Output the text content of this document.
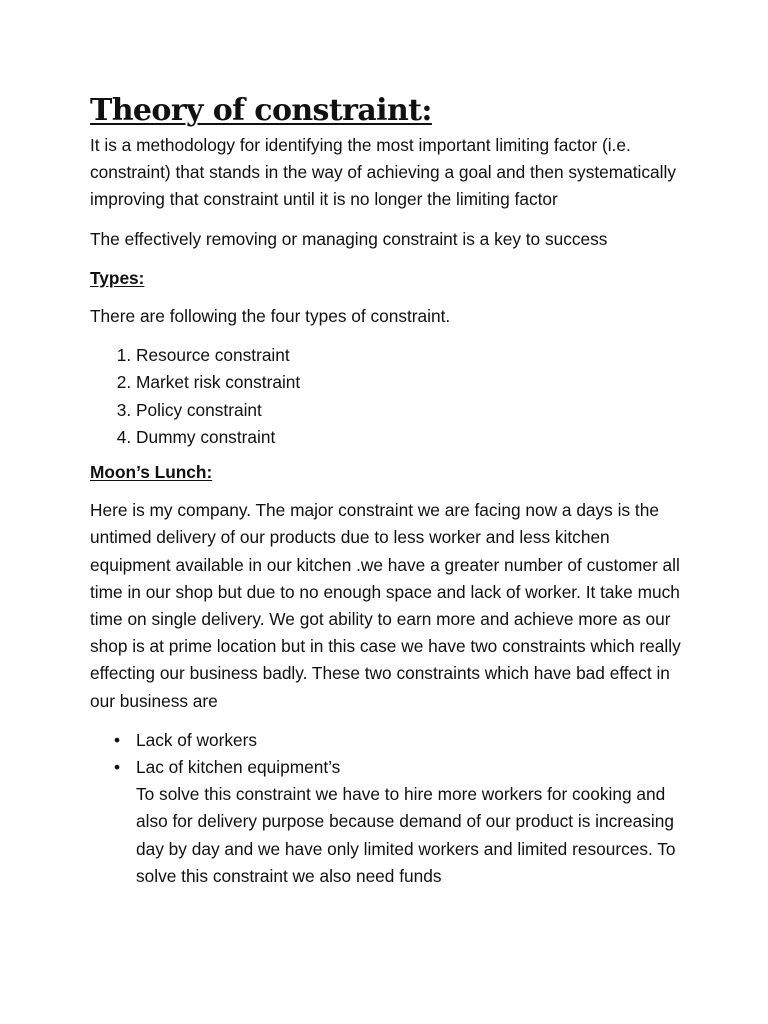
Theory of constraint:

It is a methodology for identifying the most important limiting factor (i.e. constraint) that stands in the way of achieving a goal and then systematically improving that constraint until it is no longer the limiting factor

The effectively removing or managing constraint is a key to success

Types:

There are following the four types of constraint.

1. Resource constraint
2. Market risk constraint
3. Policy constraint
4. Dummy constraint

Moon’s Lunch:

Here is my company. The major constraint we are facing now a days is the untimed delivery of our products due to less worker and less kitchen equipment available in our kitchen .we have a greater number of customer all time in our shop but due to no enough space and lack of worker. It take much time on single delivery. We got ability to earn more and achieve more as our shop is at prime location but in this case we have two constraints which really effecting our business badly. These two constraints which have bad effect in our business are

• Lack of workers
• Lac of kitchen equipment’s
To solve this constraint we have to hire more workers for cooking and also for delivery purpose because demand of our product is increasing day by day and we have only limited workers and limited resources. To solve this constraint we also need funds
